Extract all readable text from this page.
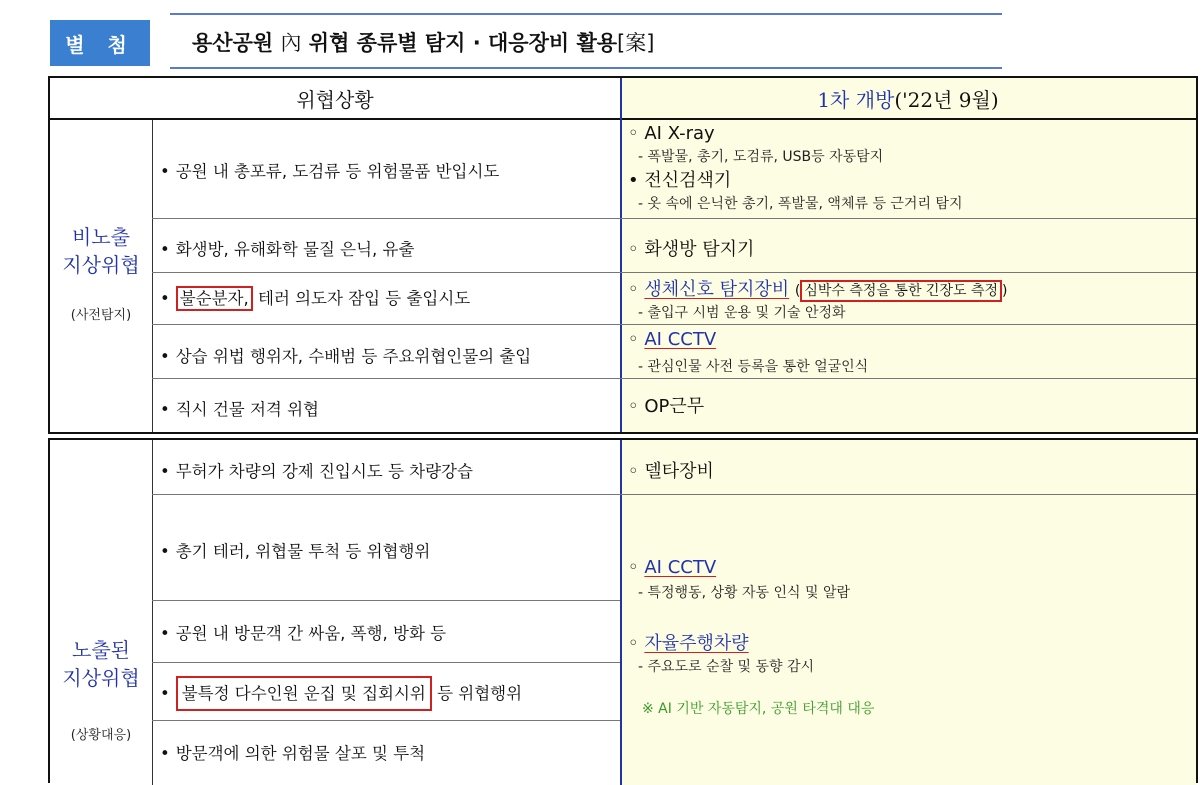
별 첨	용산공원 內 위협 종류별 탐지 · 대응장비 활용[案]
위협상황	1차 개방 ('22년 9월)
비노출
지상위협
(사전탐지)
• 공원 내 총포류, 도검류 등 위험물품 반입시도
• 화생방, 유해화학 물질 은닉, 유출
• 불순분자, 테러 의도자 잠입 등 출입시도
• 상습 위법 행위자, 수배범 등 주요위협인물의 출입
• 직시 건물 저격 위협
◦ AI X-ray
- 폭발물, 총기, 도검류, USB등 자동탐지
• 전신검색기
- 옷 속에 은닉한 총기, 폭발물, 액체류 등 근거리 탐지
◦ 화생방 탐지기
◦ 생체신호 탐지장비 ( 심박수 측정을 통한 긴장도 측정 )
- 출입구 시범 운용 및 기술 안정화
◦ AI CCTV
- 관심인물 사전 등록을 통한 얼굴인식
◦ OP근무
노출된
지상위협
(상황대응)
• 무허가 차량의 강제 진입시도 등 차량강습
• 총기 테러, 위협물 투척 등 위협행위
• 공원 내 방문객 간 싸움, 폭행, 방화 등
• 불특정 다수인원 운집 및 집회시위 등 위협행위
• 방문객에 의한 위험물 살포 및 투척
◦ 델타장비
◦ AI CCTV
- 특정행동, 상황 자동 인식 및 알람
◦ 자율주행차량
- 주요도로 순찰 및 동향 감시
※ AI 기반 자동탐지, 공원 타격대 대응
